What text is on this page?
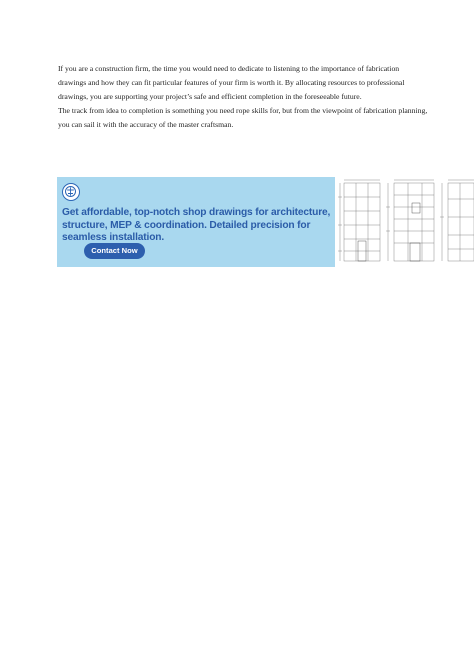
If you are a construction firm, the time you would need to dedicate to listening to the importance of fabrication drawings and how they can fit particular features of your firm is worth it. By allocating resources to professional drawings, you are supporting your project’s safe and efficient completion in the foreseeable future.

The track from idea to completion is something you need rope skills for, but from the viewpoint of fabrication planning, you can sail it with the accuracy of the master craftsman.

Get affordable, top-notch shop drawings for architecture, structure, MEP & coordination. Detailed precision for seamless installation.
Contact Now
